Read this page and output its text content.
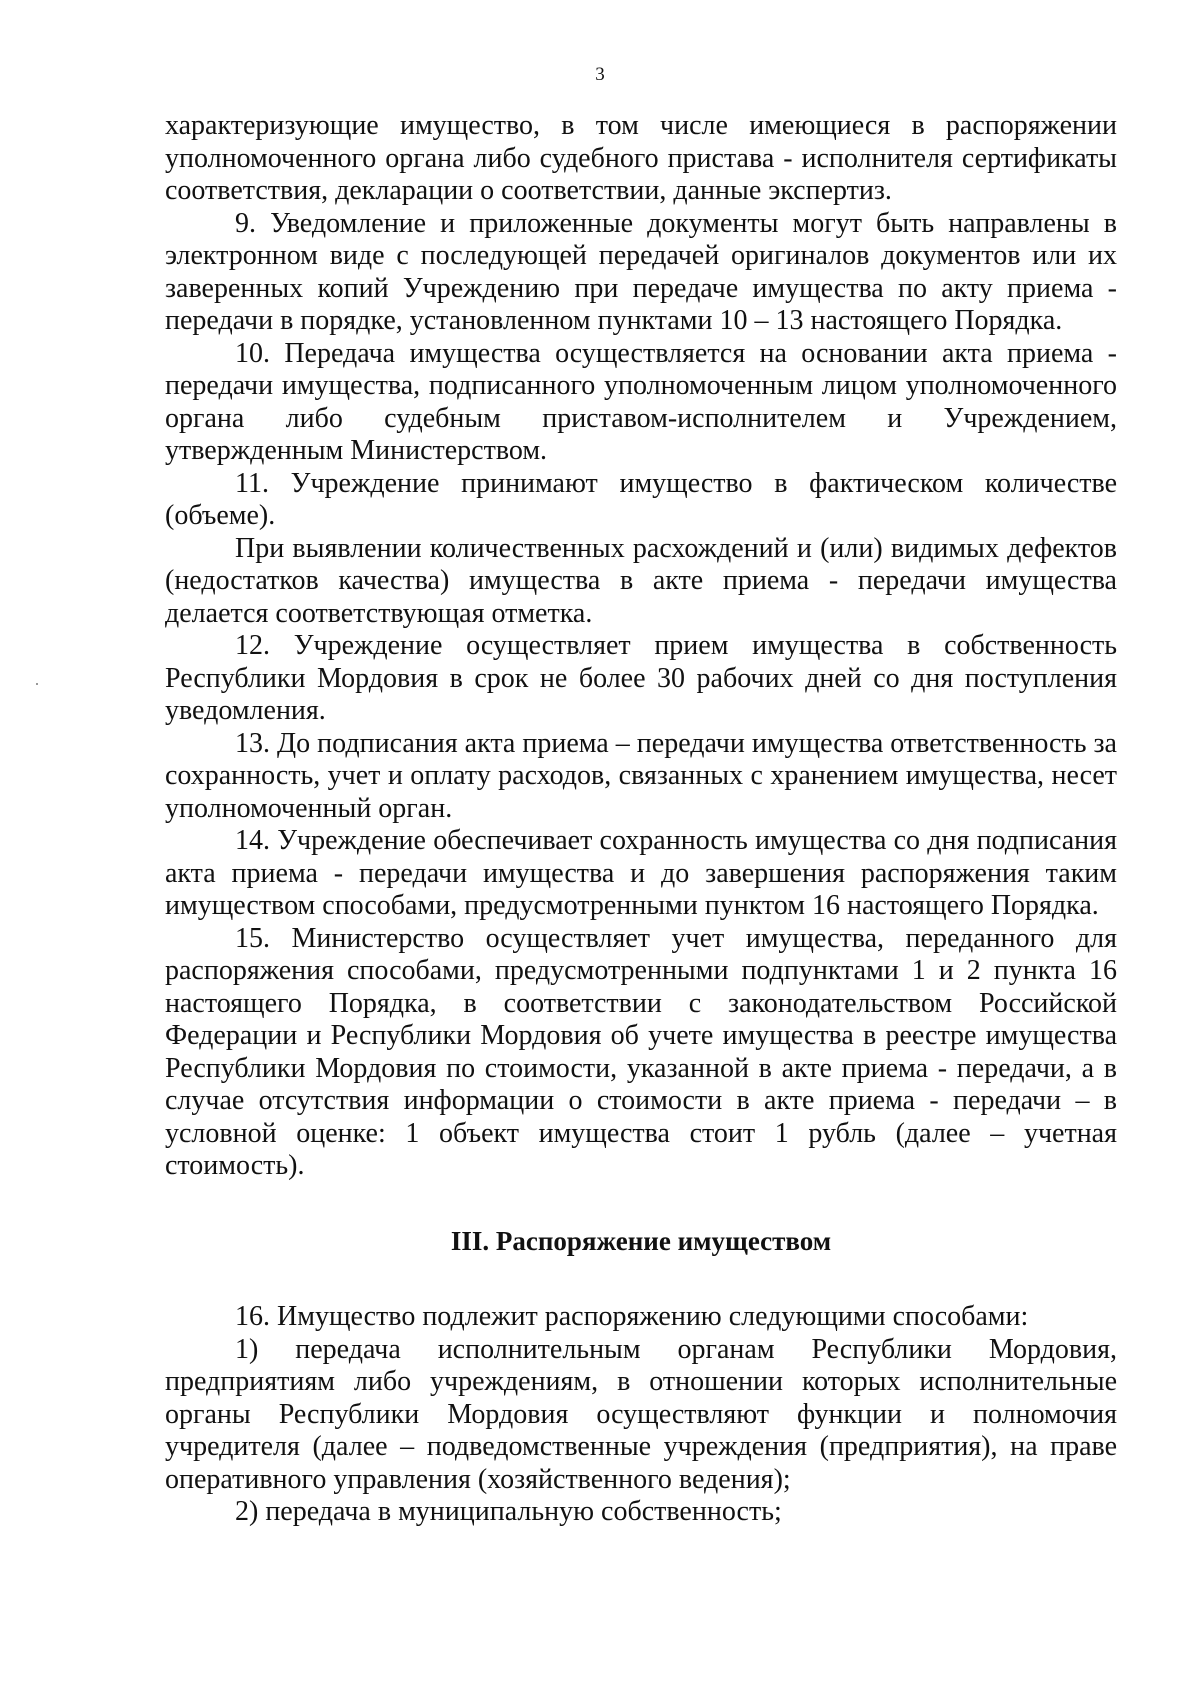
3

характеризующие имущество, в том числе имеющиеся в распоряжении уполномоченного органа либо судебного пристава - исполнителя сертификаты соответствия, декларации о соответствии, данные экспертиз.

9. Уведомление и приложенные документы могут быть направлены в электронном виде с последующей передачей оригиналов документов или их заверенных копий Учреждению при передаче имущества по акту приема - передачи в порядке, установленном пунктами 10 – 13 настоящего Порядка.

10. Передача имущества осуществляется на основании акта приема - передачи имущества, подписанного уполномоченным лицом уполномоченного органа либо судебным приставом-исполнителем и Учреждением, утвержденным Министерством.

11. Учреждение принимают имущество в фактическом количестве (объеме).

При выявлении количественных расхождений и (или) видимых дефектов (недостатков качества) имущества в акте приема - передачи имущества делается соответствующая отметка.

12. Учреждение осуществляет прием имущества в собственность Республики Мордовия в срок не более 30 рабочих дней со дня поступления уведомления.

13. До подписания акта приема – передачи имущества ответственность за сохранность, учет и оплату расходов, связанных с хранением имущества, несет уполномоченный орган.

14. Учреждение обеспечивает сохранность имущества со дня подписания акта приема - передачи имущества и до завершения распоряжения таким имуществом способами, предусмотренными пунктом 16 настоящего Порядка.

15. Министерство осуществляет учет имущества, переданного для распоряжения способами, предусмотренными подпунктами 1 и 2 пункта 16 настоящего Порядка, в соответствии с законодательством Российской Федерации и Республики Мордовия об учете имущества в реестре имущества Республики Мордовия по стоимости, указанной в акте приема - передачи, а в случае отсутствия информации о стоимости в акте приема - передачи – в условной оценке: 1 объект имущества стоит 1 рубль (далее – учетная стоимость).

III. Распоряжение имуществом

16. Имущество подлежит распоряжению следующими способами:

1) передача исполнительным органам Республики Мордовия, предприятиям либо учреждениям, в отношении которых исполнительные органы Республики Мордовия осуществляют функции и полномочия учредителя (далее – подведомственные учреждения (предприятия), на праве оперативного управления (хозяйственного ведения);

2) передача в муниципальную собственность;
